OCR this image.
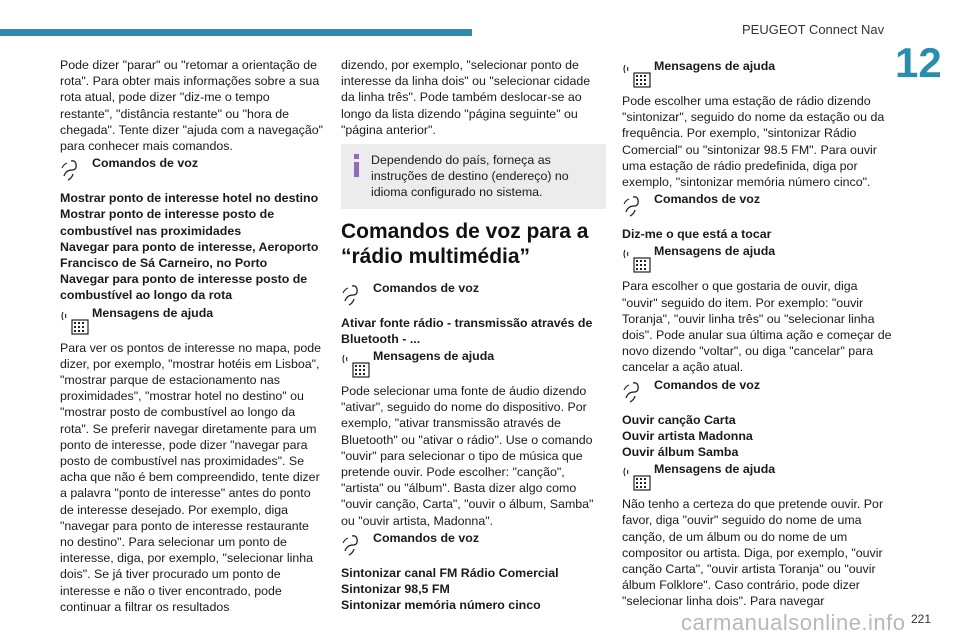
PEUGEOT Connect Nav
12

Pode dizer "parar" ou "retomar a orientação de rota". Para obter mais informações sobre a sua rota atual, pode dizer "diz-me o tempo restante", "distância restante" ou "hora de chegada". Tente dizer "ajuda com a navegação" para conhecer mais comandos.

Comandos de voz

Mostrar ponto de interesse hotel no destino

Mostrar ponto de interesse posto de combustível nas proximidades

Navegar para ponto de interesse, Aeroporto Francisco de Sá Carneiro, no Porto

Navegar para ponto de interesse posto de combustível ao longo da rota

Mensagens de ajuda

Para ver os pontos de interesse no mapa, pode dizer, por exemplo, "mostrar hotéis em Lisboa", "mostrar parque de estacionamento nas proximidades", "mostrar hotel no destino" ou "mostrar posto de combustível ao longo da rota". Se preferir navegar diretamente para um ponto de interesse, pode dizer "navegar para posto de combustível nas proximidades". Se acha que não é bem compreendido, tente dizer a palavra "ponto de interesse" antes do ponto de interesse desejado. Por exemplo, diga "navegar para ponto de interesse restaurante no destino". Para selecionar um ponto de interesse, diga, por exemplo, "selecionar linha dois". Se já tiver procurado um ponto de interesse e não o tiver encontrado, pode continuar a filtrar os resultados

dizendo, por exemplo, "selecionar ponto de interesse da linha dois" ou "selecionar cidade da linha três". Pode também deslocar-se ao longo da lista dizendo "página seguinte" ou "página anterior".

Dependendo do país, forneça as instruções de destino (endereço) no idioma configurado no sistema.
Comandos de voz para a “rádio multimédia”
Comandos de voz

Ativar fonte rádio - transmissão através de Bluetooth - ...

Mensagens de ajuda

Pode selecionar uma fonte de áudio dizendo "ativar", seguido do nome do dispositivo. Por exemplo, "ativar transmissão através de Bluetooth" ou "ativar o rádio". Use o comando "ouvir" para selecionar o tipo de música que pretende ouvir. Pode escolher: "canção", "artista" ou "álbum". Basta dizer algo como "ouvir canção, Carta", "ouvir o álbum, Samba" ou "ouvir artista, Madonna".

Comandos de voz

Sintonizar canal FM Rádio Comercial

Sintonizar 98,5 FM

Sintonizar memória número cinco

Mensagens de ajuda

Pode escolher uma estação de rádio dizendo "sintonizar", seguido do nome da estação ou da frequência. Por exemplo, "sintonizar Rádio Comercial" ou "sintonizar 98.5 FM". Para ouvir uma estação de rádio predefinida, diga por exemplo, "sintonizar memória número cinco".

Comandos de voz

Diz-me o que está a tocar

Mensagens de ajuda

Para escolher o que gostaria de ouvir, diga "ouvir" seguido do item. Por exemplo: "ouvir Toranja", "ouvir linha três" ou "selecionar linha dois". Pode anular sua última ação e começar de novo dizendo "voltar", ou diga "cancelar" para cancelar a ação atual.

Comandos de voz

Ouvir canção Carta

Ouvir artista Madonna

Ouvir álbum Samba

Mensagens de ajuda

Não tenho a certeza do que pretende ouvir. Por favor, diga "ouvir" seguido do nome de uma canção, de um álbum ou do nome de um compositor ou artista. Diga, por exemplo, "ouvir canção Carta", "ouvir artista Toranja" ou "ouvir álbum Folklore". Caso contrário, pode dizer "selecionar linha dois". Para navegar

carmanualsonline.info 221
